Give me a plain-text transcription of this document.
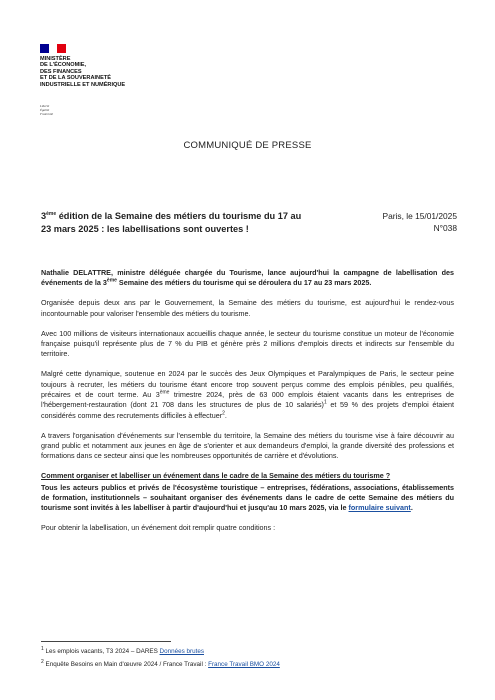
MINISTÈRE
DE L'ÉCONOMIE,
DES FINANCES
ET DE LA SOUVERAINETÉ
INDUSTRIELLE ET NUMÉRIQUE
Liberté
Égalité
Fraternité
COMMUNIQUÉ DE PRESSE
3ème édition de la Semaine des métiers du tourisme du 17 au 23 mars 2025 : les labellisations sont ouvertes !
Paris, le 15/01/2025
N°038

Nathalie DELATTRE, ministre déléguée chargée du Tourisme, lance aujourd'hui la campagne de labellisation des événements de la 3ème Semaine des métiers du tourisme qui se déroulera du 17 au 23 mars 2025.

Organisée depuis deux ans par le Gouvernement, la Semaine des métiers du tourisme, est aujourd'hui le rendez-vous incontournable pour valoriser l'ensemble des métiers du tourisme.

Avec 100 millions de visiteurs internationaux accueillis chaque année, le secteur du tourisme constitue un moteur de l'économie française puisqu'il représente plus de 7 % du PIB et génère près 2 millions d'emplois directs et indirects sur l'ensemble du territoire.

Malgré cette dynamique, soutenue en 2024 par le succès des Jeux Olympiques et Paralympiques de Paris, le secteur peine toujours à recruter, les métiers du tourisme étant encore trop souvent perçus comme des emplois pénibles, peu qualifiés, précaires et de court terme. Au 3ème trimestre 2024, près de 63 000 emplois étaient vacants dans les entreprises de l'hébergement-restauration (dont 21 708 dans les structures de plus de 10 salariés)$^1$ et 59 % des projets d'emploi étaient considérés comme des recrutements difficiles à effectuer$^2$.

A travers l'organisation d'événements sur l'ensemble du territoire, la Semaine des métiers du tourisme vise à faire découvrir au grand public et notamment aux jeunes en âge de s'orienter et aux demandeurs d'emploi, la grande diversité des professions et formations dans ce secteur ainsi que les nombreuses opportunités de carrière et d'évolutions.

Comment organiser et labelliser un événement dans le cadre de la Semaine des métiers du tourisme ?

Tous les acteurs publics et privés de l'écosystème touristique – entreprises, fédérations, associations, établissements de formation, institutionnels – souhaitant organiser des événements dans le cadre de cette Semaine des métiers du tourisme sont invités à les labelliser à partir d'aujourd'hui et jusqu'au 10 mars 2025, via le formulaire suivant.

Pour obtenir la labellisation, un événement doit remplir quatre conditions :

$^1$ Les emplois vacants, T3 2024 – DARES Données brutes
$^2$ Enquête Besoins en Main d'œuvre 2024 / France Travail : France Travail BMO 2024
